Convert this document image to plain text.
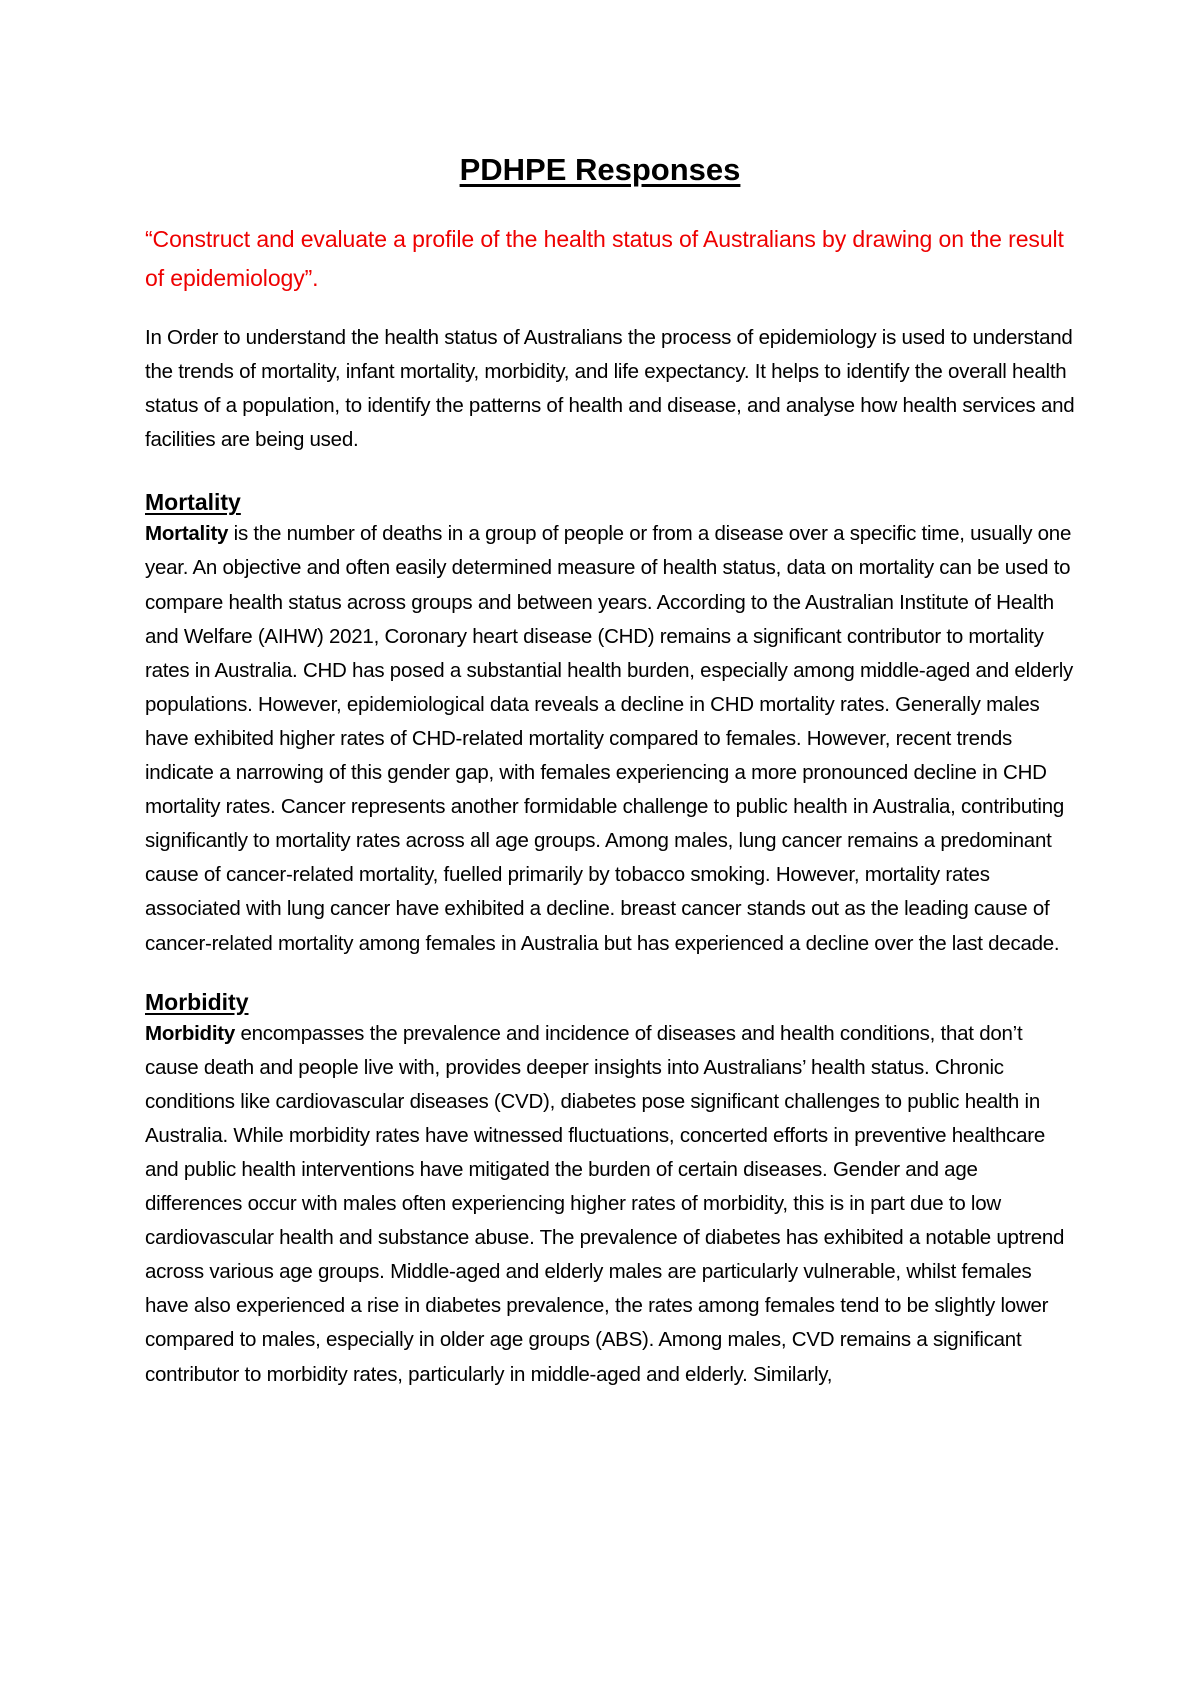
PDHPE Responses

“Construct and evaluate a profile of the health status of Australians by drawing on the result of epidemiology”.

In Order to understand the health status of Australians the process of epidemiology is used to understand the trends of mortality, infant mortality, morbidity, and life expectancy. It helps to identify the overall health status of a population, to identify the patterns of health and disease, and analyse how health services and facilities are being used.

Mortality

Mortality is the number of deaths in a group of people or from a disease over a specific time, usually one year. An objective and often easily determined measure of health status, data on mortality can be used to compare health status across groups and between years. According to the Australian Institute of Health and Welfare (AIHW) 2021, Coronary heart disease (CHD) remains a significant contributor to mortality rates in Australia. CHD has posed a substantial health burden, especially among middle-aged and elderly populations. However, epidemiological data reveals a decline in CHD mortality rates. Generally males have exhibited higher rates of CHD-related mortality compared to females. However, recent trends indicate a narrowing of this gender gap, with females experiencing a more pronounced decline in CHD mortality rates. Cancer represents another formidable challenge to public health in Australia, contributing significantly to mortality rates across all age groups. Among males, lung cancer remains a predominant cause of cancer-related mortality, fuelled primarily by tobacco smoking. However, mortality rates associated with lung cancer have exhibited a decline. breast cancer stands out as the leading cause of cancer-related mortality among females in Australia but has experienced a decline over the last decade.

Morbidity

Morbidity encompasses the prevalence and incidence of diseases and health conditions, that don’t cause death and people live with, provides deeper insights into Australians’ health status. Chronic conditions like cardiovascular diseases (CVD), diabetes pose significant challenges to public health in Australia. While morbidity rates have witnessed fluctuations, concerted efforts in preventive healthcare and public health interventions have mitigated the burden of certain diseases. Gender and age differences occur with males often experiencing higher rates of morbidity, this is in part due to low cardiovascular health and substance abuse. The prevalence of diabetes has exhibited a notable uptrend across various age groups. Middle-aged and elderly males are particularly vulnerable, whilst females have also experienced a rise in diabetes prevalence, the rates among females tend to be slightly lower compared to males, especially in older age groups (ABS). Among males, CVD remains a significant contributor to morbidity rates, particularly in middle-aged and elderly. Similarly,
